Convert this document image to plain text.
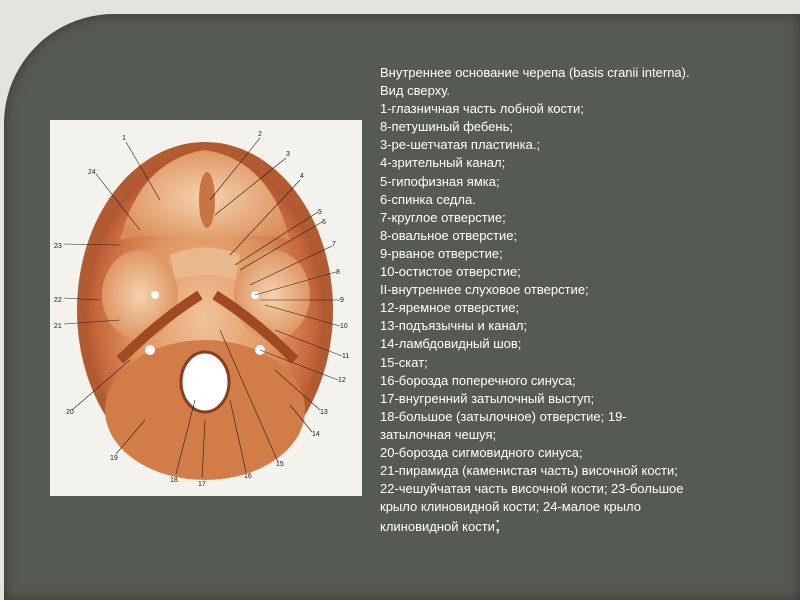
1
2
3
4
5
6
7
8
9
10
11
12
13
14
15
16
17
18
19
20
21
22
23
24
Внутреннее основание черепа (basis cranii interna).
Вид сверху.
1-глазничная часть лобной кости;
8-петушиный фебень;
3-ре-шетчатая пластинка.;
4-зрительный канал;
5-гипофизная ямка;
6-спинка седла.
7-круглое отверстие;
8-овальное отверстие;
9-рваное отверстие;
10-остистое отверстие;
II-внутреннее слуховое отверстие;
12-яремное отверстие;
13-подъязычны и канал;
14-ламбдовидный шов;
15-скат;
16-борозда поперечного синуса;
17-внугренний затылочный выступ;
18-большое (затылочное) отверстие; 19-
затылочная чешуя;
20-борозда сигмовидного синуса;
21-пирамида (каменистая часть) височной кости;
22-чешуйчатая часть височной кости; 23-большое
крыло клиновидной кости; 24-малое крыло
клиновидной кости;
